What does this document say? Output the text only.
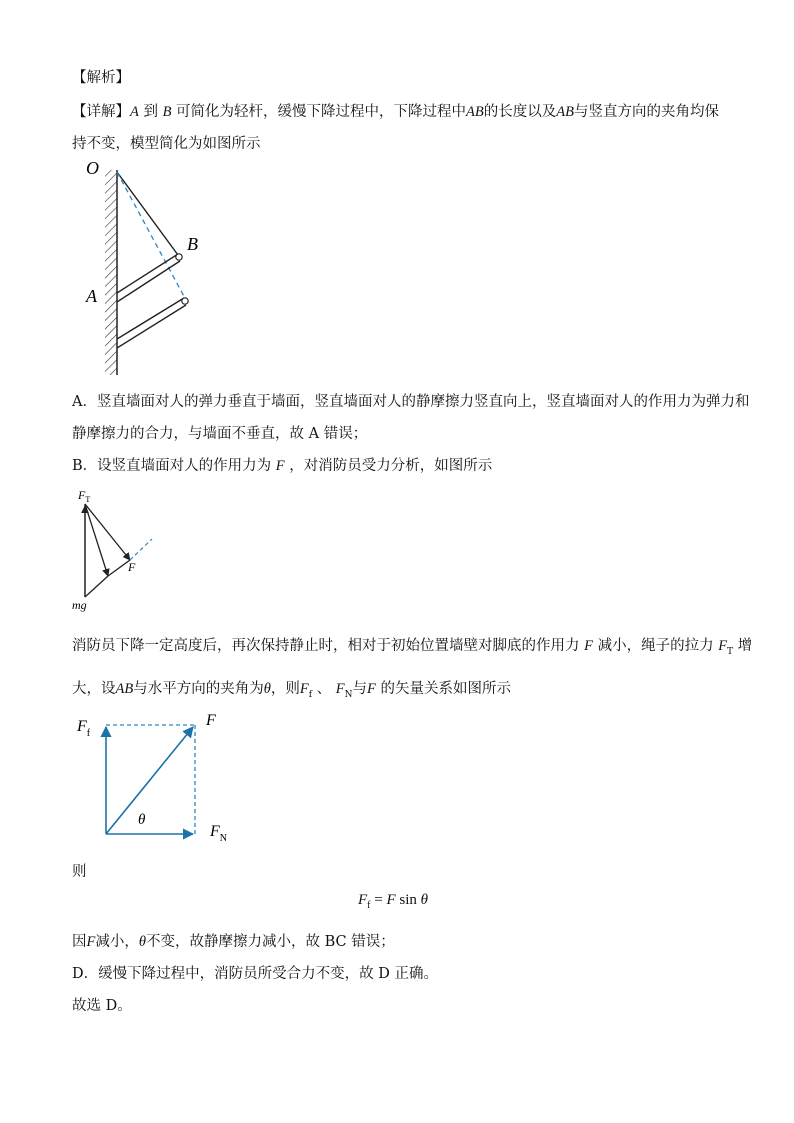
【解析】
【详解】A 到 B 可简化为轻杆，缓慢下降过程中，下降过程中AB的长度以及AB与竖直方向的夹角均保
持不变，模型简化为如图所示
O
B
A
A．竖直墙面对人的弹力垂直于墙面，竖直墙面对人的静摩擦力竖直向上，竖直墙面对人的作用力为弹力和
静摩擦力的合力，与墙面不垂直，故 A 错误；
B．设竖直墙面对人的作用力为 F ，对消防员受力分析，如图所示
$F_T$
F
mg
消防员下降一定高度后，再次保持静止时，相对于初始位置墙壁对脚底的作用力 F 减小，绳子的拉力 $F_T$ 增
大，设AB与水平方向的夹角为θ，则$F_f$ 、 $F_N$与F 的矢量关系如图所示
$F_f$
F
$F_N$
θ
则
$F_f = F$ sin θ
因F减小，θ不变，故静摩擦力减小，故 BC 错误；
D．缓慢下降过程中，消防员所受合力不变，故 D 正确。
故选 D。
